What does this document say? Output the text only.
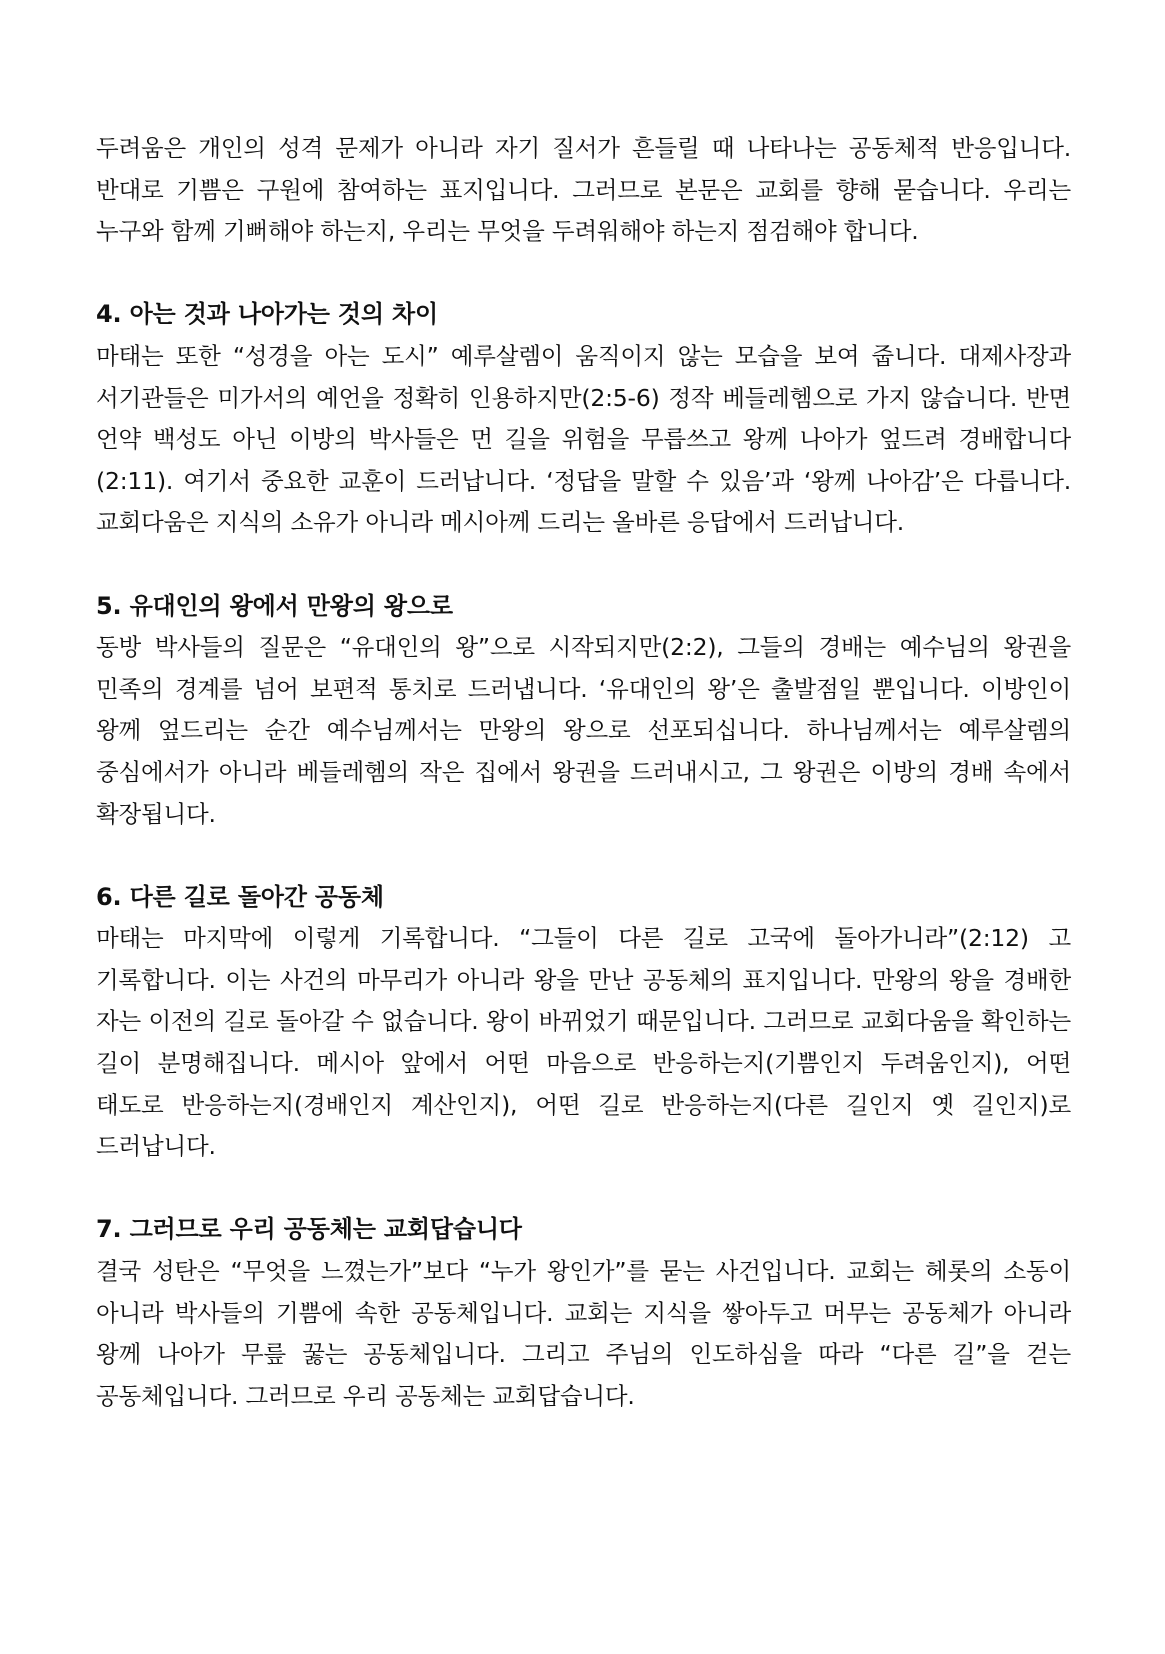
두려움은 개인의 성격 문제가 아니라 자기 질서가 흔들릴 때 나타나는 공동체적 반응입니다. 반대로 기쁨은 구원에 참여하는 표지입니다. 그러므로 본문은 교회를 향해 묻습니다. 우리는 누구와 함께 기뻐해야 하는지, 우리는 무엇을 두려워해야 하는지 점검해야 합니다.

4. 아는 것과 나아가는 것의 차이

마태는 또한 “성경을 아는 도시” 예루살렘이 움직이지 않는 모습을 보여 줍니다. 대제사장과 서기관들은 미가서의 예언을 정확히 인용하지만(2:5-6) 정작 베들레헴으로 가지 않습니다. 반면 언약 백성도 아닌 이방의 박사들은 먼 길을 위험을 무릅쓰고 왕께 나아가 엎드려 경배합니다(2:11). 여기서 중요한 교훈이 드러납니다. ‘정답을 말할 수 있음’과 ‘왕께 나아감’은 다릅니다. 교회다움은 지식의 소유가 아니라 메시아께 드리는 올바른 응답에서 드러납니다.

5. 유대인의 왕에서 만왕의 왕으로

동방 박사들의 질문은 “유대인의 왕”으로 시작되지만(2:2), 그들의 경배는 예수님의 왕권을 민족의 경계를 넘어 보편적 통치로 드러냅니다. ‘유대인의 왕’은 출발점일 뿐입니다. 이방인이 왕께 엎드리는 순간 예수님께서는 만왕의 왕으로 선포되십니다. 하나님께서는 예루살렘의 중심에서가 아니라 베들레헴의 작은 집에서 왕권을 드러내시고, 그 왕권은 이방의 경배 속에서 확장됩니다.

6. 다른 길로 돌아간 공동체

마태는 마지막에 이렇게 기록합니다. “그들이 다른 길로 고국에 돌아가니라”(2:12) 고 기록합니다. 이는 사건의 마무리가 아니라 왕을 만난 공동체의 표지입니다. 만왕의 왕을 경배한 자는 이전의 길로 돌아갈 수 없습니다. 왕이 바뀌었기 때문입니다. 그러므로 교회다움을 확인하는 길이 분명해집니다. 메시아 앞에서 어떤 마음으로 반응하는지(기쁨인지 두려움인지), 어떤 태도로 반응하는지(경배인지 계산인지), 어떤 길로 반응하는지(다른 길인지 옛 길인지)로 드러납니다.

7. 그러므로 우리 공동체는 교회답습니다

결국 성탄은 “무엇을 느꼈는가”보다 “누가 왕인가”를 묻는 사건입니다. 교회는 헤롯의 소동이 아니라 박사들의 기쁨에 속한 공동체입니다. 교회는 지식을 쌓아두고 머무는 공동체가 아니라 왕께 나아가 무릎 꿇는 공동체입니다. 그리고 주님의 인도하심을 따라 “다른 길”을 걷는 공동체입니다. 그러므로 우리 공동체는 교회답습니다.
